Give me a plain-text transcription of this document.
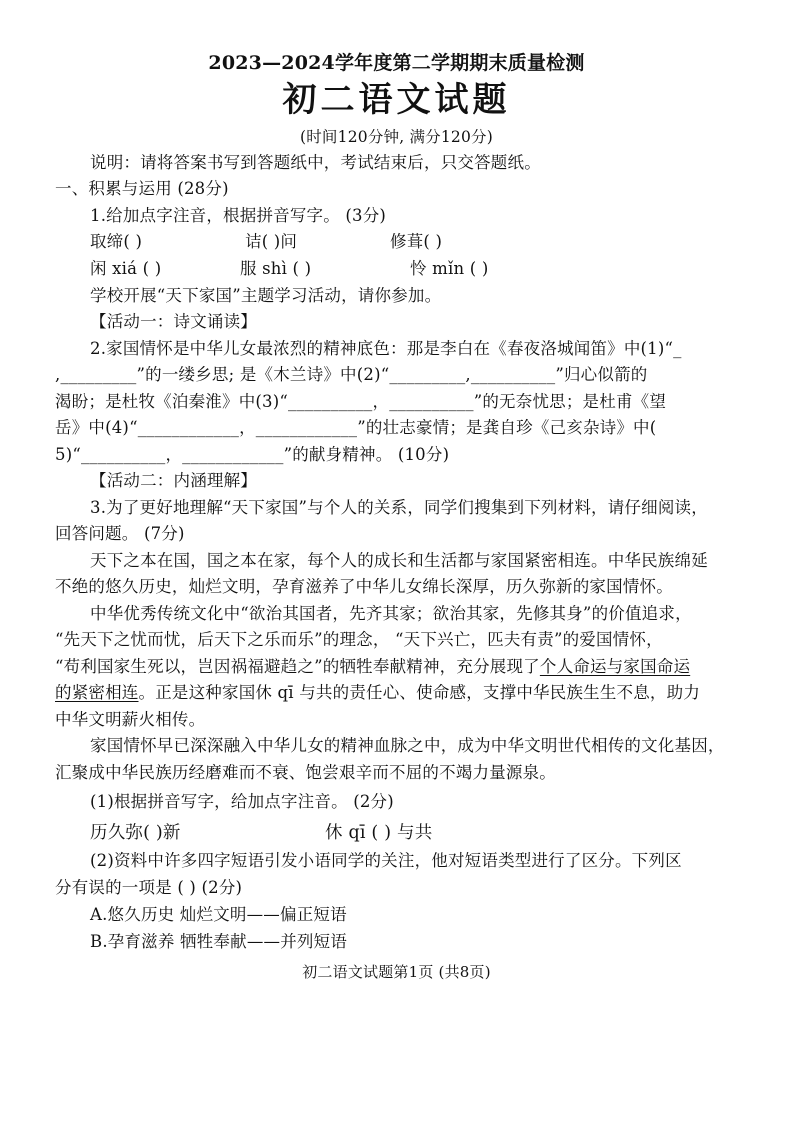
2023—2024学年度第二学期期末质量检测
初二语文试题
(时间120分钟, 满分120分)
说明：请将答案书写到答题纸中，考试结束后，只交答题纸。
一、积累与运用 (28分)
1.给加点字注音，根据拼音写字。 (3分)
取缔( )	诘( )问	修葺( )
闲 xiá ( )	服 shì ( )	怜 mǐn ( )
学校开展“天下家国”主题学习活动，请你参加。
【活动一：诗文诵读】
2.家国情怀是中华儿女最浓烈的精神底色：那是李白在《春夜洛城闻笛》中(1)“_
,_________”的一缕乡思; 是《木兰诗》中(2)“_________,__________”归心似箭的
渴盼；是杜牧《泊秦淮》中(3)“__________，__________”的无奈忧思；是杜甫《望
岳》中(4)“____________，____________”的壮志豪情；是龚自珍《己亥杂诗》中(
5)“__________，____________”的献身精神。 (10分)
【活动二：内涵理解】
3.为了更好地理解“天下家国”与个人的关系，同学们搜集到下列材料，请仔细阅读，
回答问题。 (7分)
天下之本在国，国之本在家，每个人的成长和生活都与家国紧密相连。中华民族绵延
不绝的悠久历史，灿烂文明，孕育滋养了中华儿女绵长深厚，历久弥新的家国情怀。
中华优秀传统文化中“欲治其国者，先齐其家；欲治其家，先修其身”的价值追求，
“先天下之忧而忧，后天下之乐而乐”的理念， “天下兴亡，匹夫有责”的爱国情怀，
“苟利国家生死以，岂因祸福避趋之”的牺牲奉献精神，充分展现了个人命运与家国命运
的紧密相连。正是这种家国休 qī 与共的责任心、使命感，支撑中华民族生生不息，助力
中华文明薪火相传。
家国情怀早已深深融入中华儿女的精神血脉之中，成为中华文明世代相传的文化基因，
汇聚成中华民族历经磨难而不衰、饱尝艰辛而不屈的不竭力量源泉。
(1)根据拼音写字，给加点字注音。 (2分)
历久弥( )新	休 qī ( ) 与共
(2)资料中许多四字短语引发小语同学的关注，他对短语类型进行了区分。下列区
分有误的一项是 ( ) (2分)
A.悠久历史 灿烂文明——偏正短语
B.孕育滋养 牺牲奉献——并列短语
初二语文试题第1页 (共8页)
